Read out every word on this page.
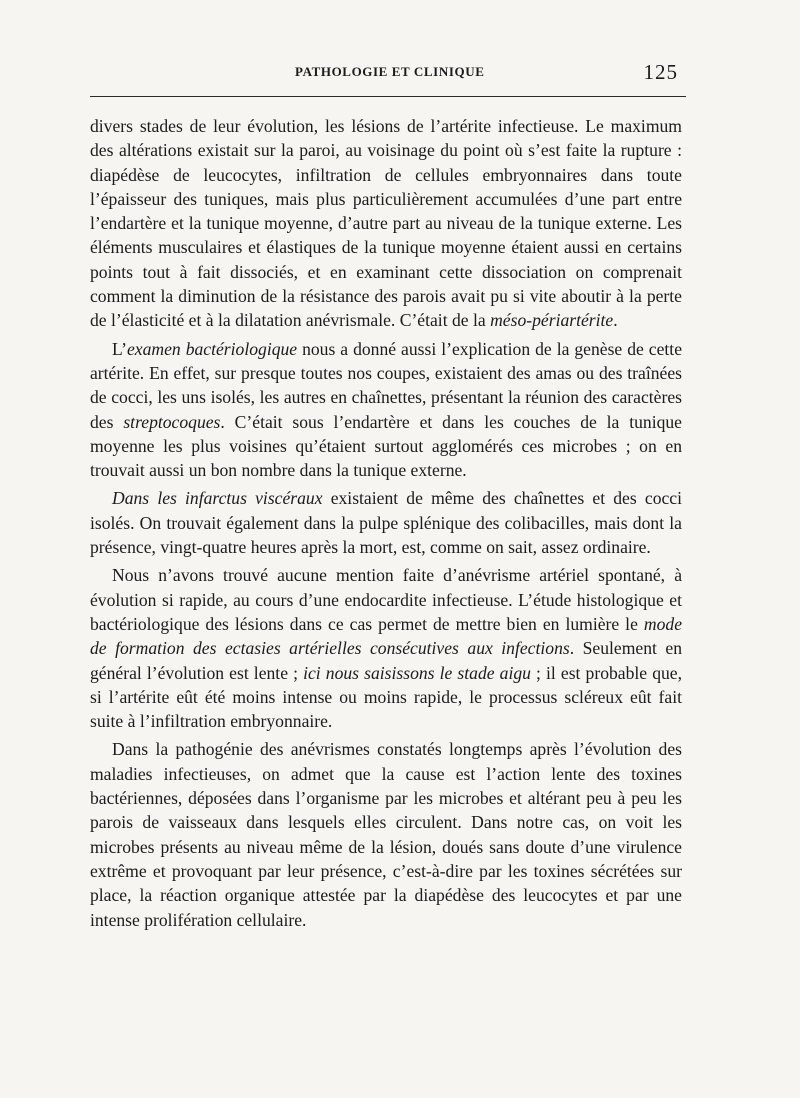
PATHOLOGIE ET CLINIQUE	125

divers stades de leur évolution, les lésions de l’artérite infectieuse. Le maximum des altérations existait sur la paroi, au voisinage du point où s’est faite la rupture : diapédèse de leucocytes, infiltration de cellules embryonnaires dans toute l’épaisseur des tuniques, mais plus particulièrement accumulées d’une part entre l’endartère et la tunique moyenne, d’autre part au niveau de la tunique externe. Les éléments musculaires et élastiques de la tunique moyenne étaient aussi en certains points tout à fait dissociés, et en examinant cette dissociation on comprenait comment la diminution de la résistance des parois avait pu si vite aboutir à la perte de l’élasticité et à la dilatation anévrismale. C’était de la méso-périartérite.

L’examen bactériologique nous a donné aussi l’explication de la genèse de cette artérite. En effet, sur presque toutes nos coupes, existaient des amas ou des traînées de cocci, les uns isolés, les autres en chaînettes, présentant la réunion des caractères des streptocoques. C’était sous l’endartère et dans les couches de la tunique moyenne les plus voisines qu’étaient surtout agglomérés ces microbes ; on en trouvait aussi un bon nombre dans la tunique externe.

Dans les infarctus viscéraux existaient de même des chaînettes et des cocci isolés. On trouvait également dans la pulpe splénique des colibacilles, mais dont la présence, vingt-quatre heures après la mort, est, comme on sait, assez ordinaire.

Nous n’avons trouvé aucune mention faite d’anévrisme artériel spontané, à évolution si rapide, au cours d’une endocardite infectieuse. L’étude histologique et bactériologique des lésions dans ce cas permet de mettre bien en lumière le mode de formation des ectasies artérielles consécutives aux infections. Seulement en général l’évolution est lente ; ici nous saisissons le stade aigu ; il est probable que, si l’artérite eût été moins intense ou moins rapide, le processus scléreux eût fait suite à l’infiltration embryonnaire.

Dans la pathogénie des anévrismes constatés longtemps après l’évolution des maladies infectieuses, on admet que la cause est l’action lente des toxines bactériennes, déposées dans l’organisme par les microbes et altérant peu à peu les parois de vaisseaux dans lesquels elles circulent. Dans notre cas, on voit les microbes présents au niveau même de la lésion, doués sans doute d’une virulence extrême et provoquant par leur présence, c’est-à-dire par les toxines sécrétées sur place, la réaction organique attestée par la diapédèse des leucocytes et par une intense prolifération cellulaire.
